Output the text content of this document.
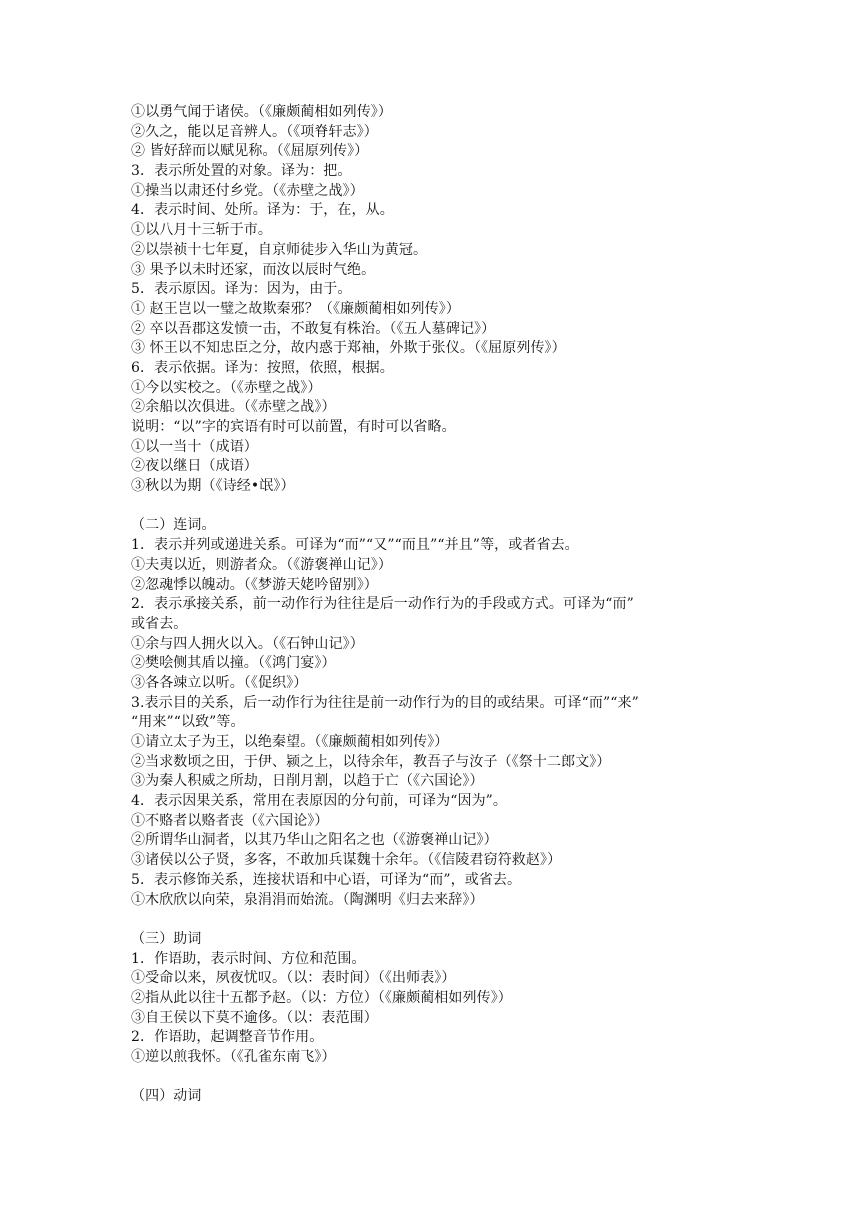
①以勇气闻于诸侯。（《廉颇蔺相如列传》）
②久之，能以足音辨人。（《项脊轩志》）
② 皆好辞而以赋见称。（《屈原列传》）
3．表示所处置的对象。译为：把。
①操当以肃还付乡党。（《赤壁之战》）
4．表示时间、处所。译为：于，在，从。
①以八月十三斩于市。
②以崇祯十七年夏，自京师徒步入华山为黄冠。
③ 果予以未时还家，而汝以辰时气绝。
5．表示原因。译为：因为，由于。
① 赵王岂以一璧之故欺秦邪？（《廉颇蔺相如列传》）
② 卒以吾郡这发愤一击，不敢复有株治。（《五人墓碑记》）
③ 怀王以不知忠臣之分，故内惑于郑袖，外欺于张仪。（《屈原列传》）
6．表示依据。译为：按照，依照，根据。
①今以实校之。（《赤壁之战》）
②余船以次俱进。（《赤壁之战》）
说明：“以”字的宾语有时可以前置，有时可以省略。
①以一当十（成语）
②夜以继日（成语）
③秋以为期（《诗经•氓》）
（二）连词。
1．表示并列或递进关系。可译为“而”“又”“而且”“并且”等，或者省去。
①夫夷以近，则游者众。（《游褒禅山记》）
②忽魂悸以魄动。（《梦游天姥吟留别》）
2．表示承接关系，前一动作行为往往是后一动作行为的手段或方式。可译为“而”
或省去。
①余与四人拥火以入。（《石钟山记》）
②樊哙侧其盾以撞。（《鸿门宴》）
③各各竦立以听。（《促织》）
3.表示目的关系，后一动作行为往往是前一动作行为的目的或结果。可译“而”“来”
“用来”“以致”等。
①请立太子为王，以绝秦望。（《廉颇蔺相如列传》）
②当求数顷之田，于伊、颍之上，以待余年，教吾子与汝子（《祭十二郎文》）
③为秦人积威之所劫，日削月割，以趋于亡（《六国论》）
4．表示因果关系，常用在表原因的分句前，可译为“因为”。
①不赂者以赂者丧（《六国论》）
②所谓华山洞者，以其乃华山之阳名之也（《游褒禅山记》）
③诸侯以公子贤，多客，不敢加兵谋魏十余年。（《信陵君窃符救赵》）
5．表示修饰关系，连接状语和中心语，可译为“而”，或省去。
①木欣欣以向荣，泉涓涓而始流。（陶渊明《归去来辞》）
（三）助词
1．作语助，表示时间、方位和范围。
①受命以来，夙夜忧叹。（以：表时间）（《出师表》）
②指从此以往十五都予赵。（以：方位）（《廉颇蔺相如列传》）
③自王侯以下莫不逾侈。（以：表范围）
2．作语助，起调整音节作用。
①逆以煎我怀。（《孔雀东南飞》）
（四）动词
